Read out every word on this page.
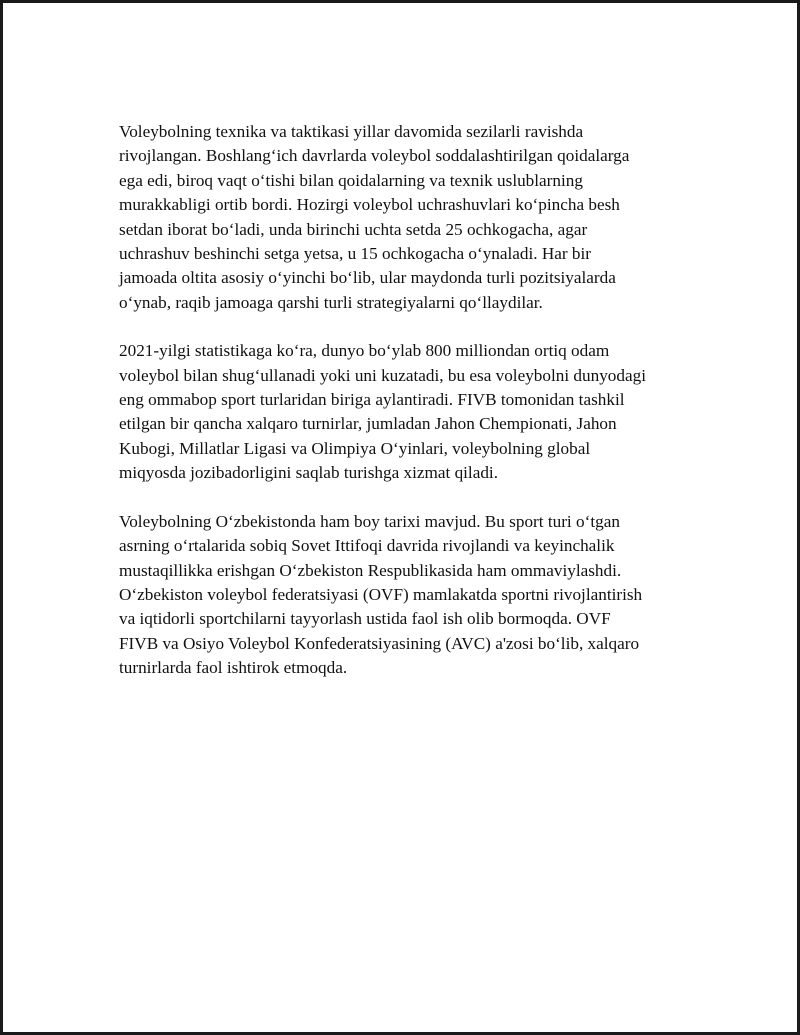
Voleybolning texnika va taktikasi yillar davomida sezilarli ravishda
rivojlangan. Boshlangʻich davrlarda voleybol soddalashtirilgan qoidalarga
ega edi, biroq vaqt oʻtishi bilan qoidalarning va texnik uslublarning
murakkabligi ortib bordi. Hozirgi voleybol uchrashuvlari koʻpincha besh
setdan iborat boʻladi, unda birinchi uchta setda 25 ochkogacha, agar
uchrashuv beshinchi setga yetsa, u 15 ochkogacha oʻynaladi. Har bir
jamoada oltita asosiy oʻyinchi boʻlib, ular maydonda turli pozitsiyalarda
oʻynab, raqib jamoaga qarshi turli strategiyalarni qoʻllaydilar.

2021-yilgi statistikaga koʻra, dunyo boʻylab 800 milliondan ortiq odam
voleybol bilan shugʻullanadi yoki uni kuzatadi, bu esa voleybolni dunyodagi
eng ommabop sport turlaridan biriga aylantiradi. FIVB tomonidan tashkil
etilgan bir qancha xalqaro turnirlar, jumladan Jahon Chempionati, Jahon
Kubogi, Millatlar Ligasi va Olimpiya Oʻyinlari, voleybolning global
miqyosda jozibadorligini saqlab turishga xizmat qiladi.

Voleybolning Oʻzbekistonda ham boy tarixi mavjud. Bu sport turi oʻtgan
asrning oʻrtalarida sobiq Sovet Ittifoqi davrida rivojlandi va keyinchalik
mustaqillikka erishgan Oʻzbekiston Respublikasida ham ommaviylashdi.
Oʻzbekiston voleybol federatsiyasi (OVF) mamlakatda sportni rivojlantirish
va iqtidorli sportchilarni tayyorlash ustida faol ish olib bormoqda. OVF
FIVB va Osiyo Voleybol Konfederatsiyasining (AVC) a'zosi boʻlib, xalqaro
turnirlarda faol ishtirok etmoqda.
